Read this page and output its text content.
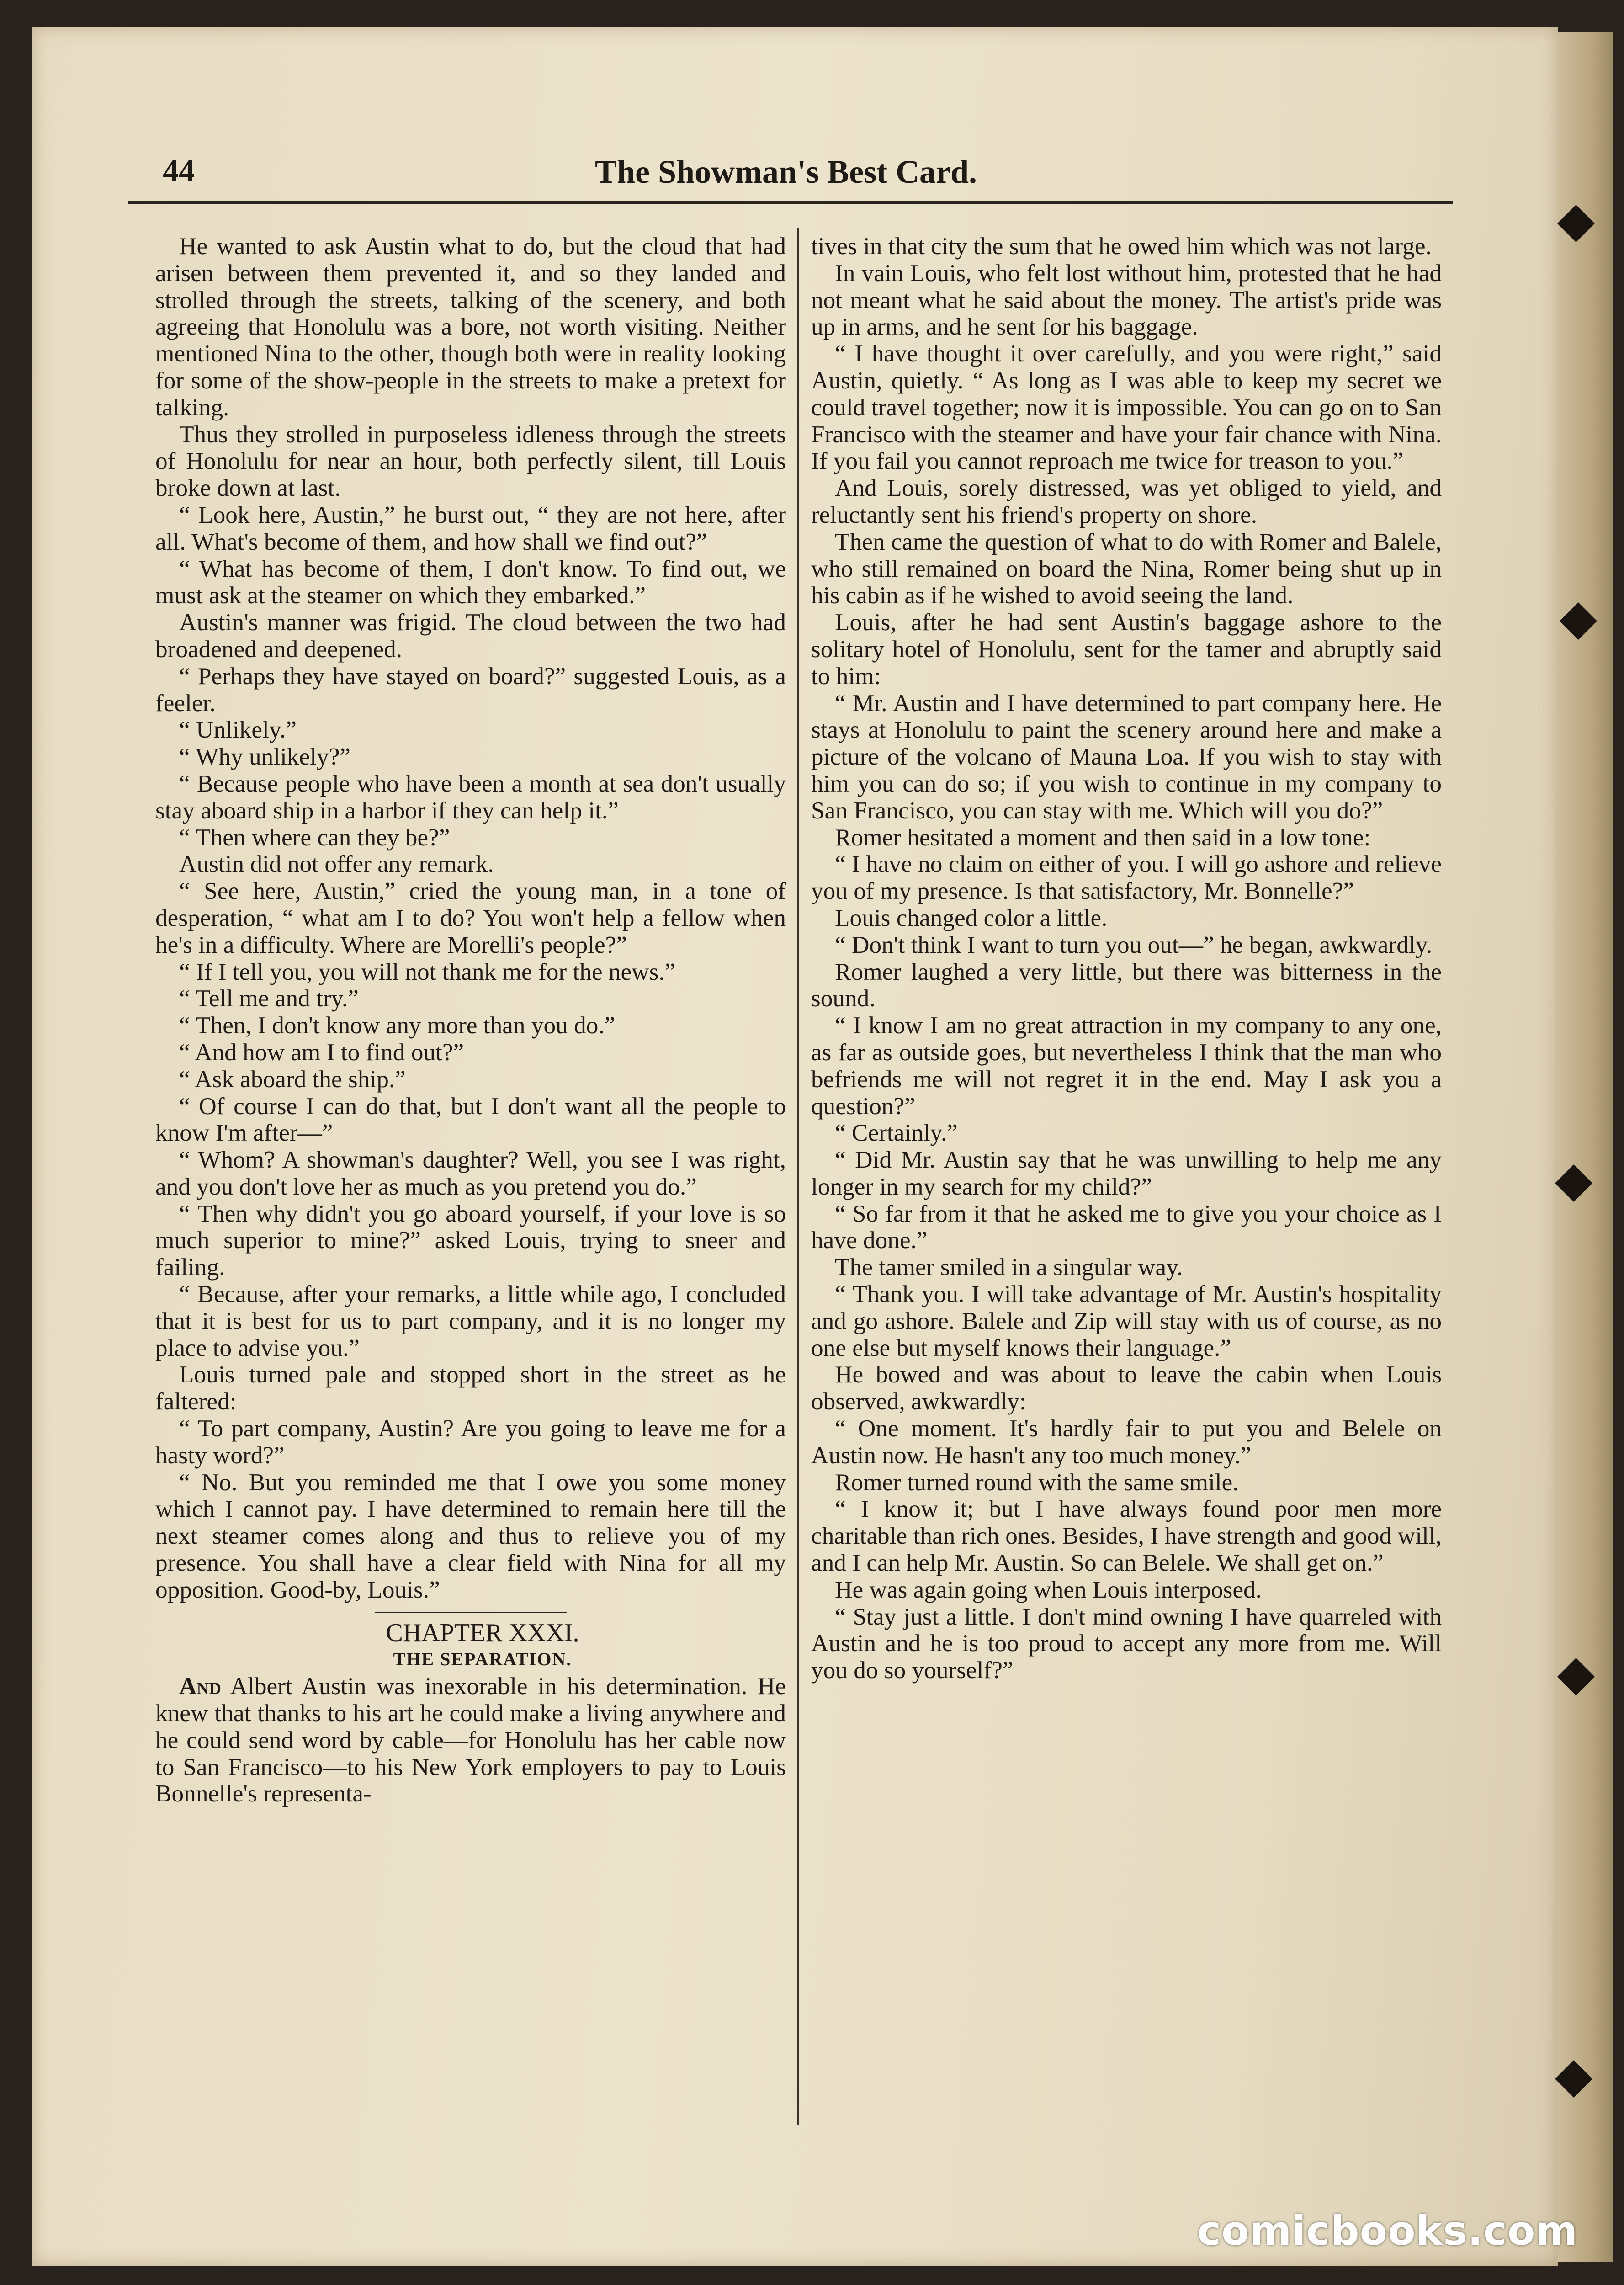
44	The Showman's Best Card.

He wanted to ask Austin what to do, but the cloud that had arisen between them prevented it, and so they landed and strolled through the streets, talking of the scenery, and both agreeing that Honolulu was a bore, not worth visiting. Neither mentioned Nina to the other, though both were in reality looking for some of the show-people in the streets to make a pretext for talking.

Thus they strolled in purposeless idleness through the streets of Honolulu for near an hour, both perfectly silent, till Louis broke down at last.

“ Look here, Austin,” he burst out, “ they are not here, after all. What's become of them, and how shall we find out?”

“ What has become of them, I don't know. To find out, we must ask at the steamer on which they embarked.”

Austin's manner was frigid. The cloud between the two had broadened and deepened.

“ Perhaps they have stayed on board?” suggested Louis, as a feeler.

“ Unlikely.”

“ Why unlikely?”

“ Because people who have been a month at sea don't usually stay aboard ship in a harbor if they can help it.”

“ Then where can they be?”

Austin did not offer any remark.

“ See here, Austin,” cried the young man, in a tone of desperation, “ what am I to do? You won't help a fellow when he's in a difficulty. Where are Morelli's people?”

“ If I tell you, you will not thank me for the news.”

“ Tell me and try.”

“ Then, I don't know any more than you do.”

“ And how am I to find out?”

“ Ask aboard the ship.”

“ Of course I can do that, but I don't want all the people to know I'm after—”

“ Whom? A showman's daughter? Well, you see I was right, and you don't love her as much as you pretend you do.”

“ Then why didn't you go aboard yourself, if your love is so much superior to mine?” asked Louis, trying to sneer and failing.

“ Because, after your remarks, a little while ago, I concluded that it is best for us to part company, and it is no longer my place to advise you.”

Louis turned pale and stopped short in the street as he faltered:

“ To part company, Austin? Are you going to leave me for a hasty word?”

“ No. But you reminded me that I owe you some money which I cannot pay. I have determined to remain here till the next steamer comes along and thus to relieve you of my presence. You shall have a clear field with Nina for all my opposition. Good-by, Louis.”

CHAPTER XXXI.

THE SEPARATION.

And Albert Austin was inexorable in his determination. He knew that thanks to his art he could make a living anywhere and he could send word by cable—for Honolulu has her cable now to San Francisco—to his New York employers to pay to Louis Bonnelle's representa-

tives in that city the sum that he owed him which was not large.

In vain Louis, who felt lost without him, protested that he had not meant what he said about the money. The artist's pride was up in arms, and he sent for his baggage.

“ I have thought it over carefully, and you were right,” said Austin, quietly. “ As long as I was able to keep my secret we could travel together; now it is impossible. You can go on to San Francisco with the steamer and have your fair chance with Nina. If you fail you cannot reproach me twice for treason to you.”

And Louis, sorely distressed, was yet obliged to yield, and reluctantly sent his friend's property on shore.

Then came the question of what to do with Romer and Balele, who still remained on board the Nina, Romer being shut up in his cabin as if he wished to avoid seeing the land.

Louis, after he had sent Austin's baggage ashore to the solitary hotel of Honolulu, sent for the tamer and abruptly said to him:

“ Mr. Austin and I have determined to part company here. He stays at Honolulu to paint the scenery around here and make a picture of the volcano of Mauna Loa. If you wish to stay with him you can do so; if you wish to continue in my company to San Francisco, you can stay with me. Which will you do?”

Romer hesitated a moment and then said in a low tone:

“ I have no claim on either of you. I will go ashore and relieve you of my presence. Is that satisfactory, Mr. Bonnelle?”

Louis changed color a little.

“ Don't think I want to turn you out—” he began, awkwardly.

Romer laughed a very little, but there was bitterness in the sound.

“ I know I am no great attraction in my company to any one, as far as outside goes, but nevertheless I think that the man who befriends me will not regret it in the end. May I ask you a question?”

“ Certainly.”

“ Did Mr. Austin say that he was unwilling to help me any longer in my search for my child?”

“ So far from it that he asked me to give you your choice as I have done.”

The tamer smiled in a singular way.

“ Thank you. I will take advantage of Mr. Austin's hospitality and go ashore. Balele and Zip will stay with us of course, as no one else but myself knows their language.”

He bowed and was about to leave the cabin when Louis observed, awkwardly:

“ One moment. It's hardly fair to put you and Belele on Austin now. He hasn't any too much money.”

Romer turned round with the same smile.

“ I know it; but I have always found poor men more charitable than rich ones. Besides, I have strength and good will, and I can help Mr. Austin. So can Belele. We shall get on.”

He was again going when Louis interposed.

“ Stay just a little. I don't mind owning I have quarreled with Austin and he is too proud to accept any more from me. Will you do so yourself?”

comicbooks.com
